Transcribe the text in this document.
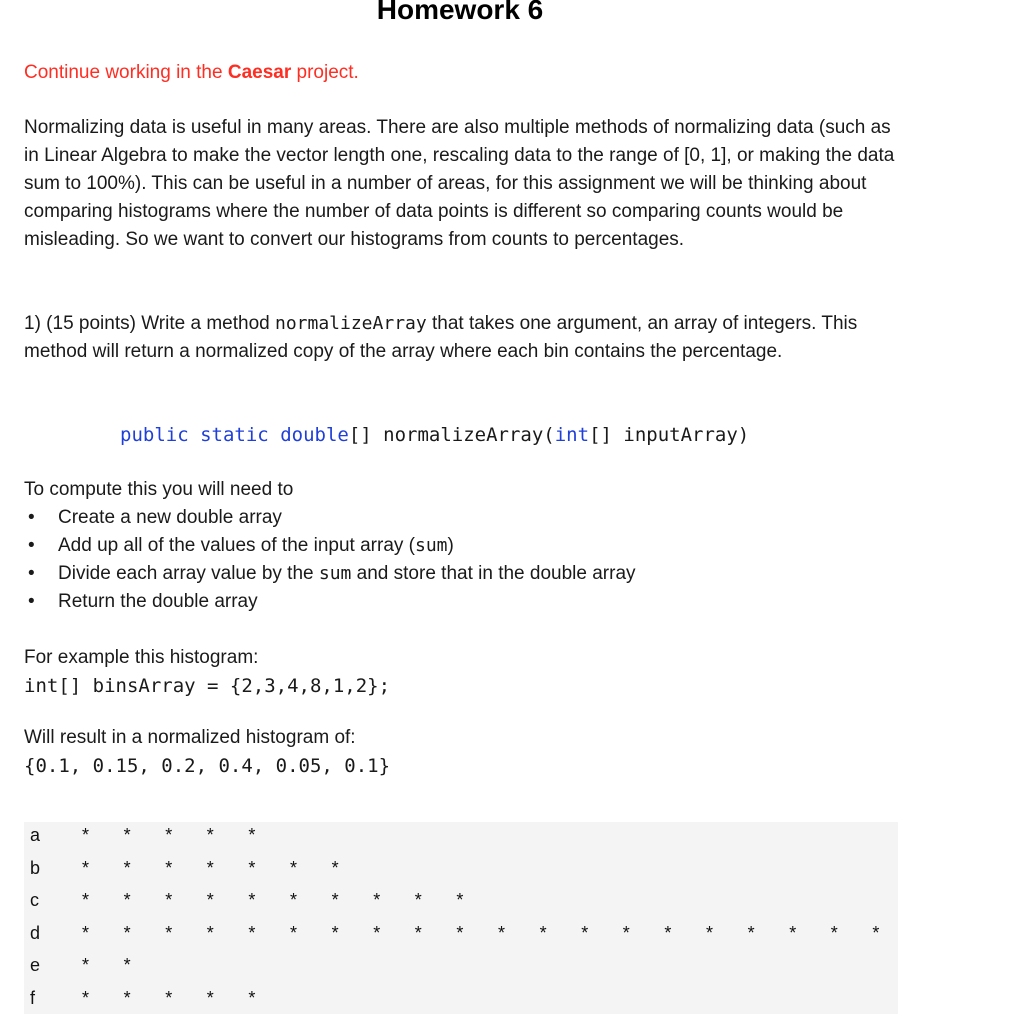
Homework 6
Continue working in the Caesar project.
Normalizing data is useful in many areas. There are also multiple methods of normalizing data (such as in Linear Algebra to make the vector length one, rescaling data to the range of [0, 1], or making the data sum to 100%). This can be useful in a number of areas, for this assignment we will be thinking about comparing histograms where the number of data points is different so comparing counts would be misleading. So we want to convert our histograms from counts to percentages.
1) (15 points) Write a method normalizeArray that takes one argument, an array of integers. This method will return a normalized copy of the array where each bin contains the percentage.
public static double[] normalizeArray(int[] inputArray)
To compute this you will need to
• Create a new double array
• Add up all of the values of the input array (sum)
• Divide each array value by the sum and store that in the double array
• Return the double array
For example this histogram:
int[] binsArray = {2,3,4,8,1,2};
Will result in a normalized histogram of:
{0.1, 0.15, 0.2, 0.4, 0.05, 0.1}
a	* * * * *
b	* * * * * * *
c	* * * * * * * * * *
d	* * * * * * * * * * * * * * * * * * * *
e	* *
f	* * * * *
